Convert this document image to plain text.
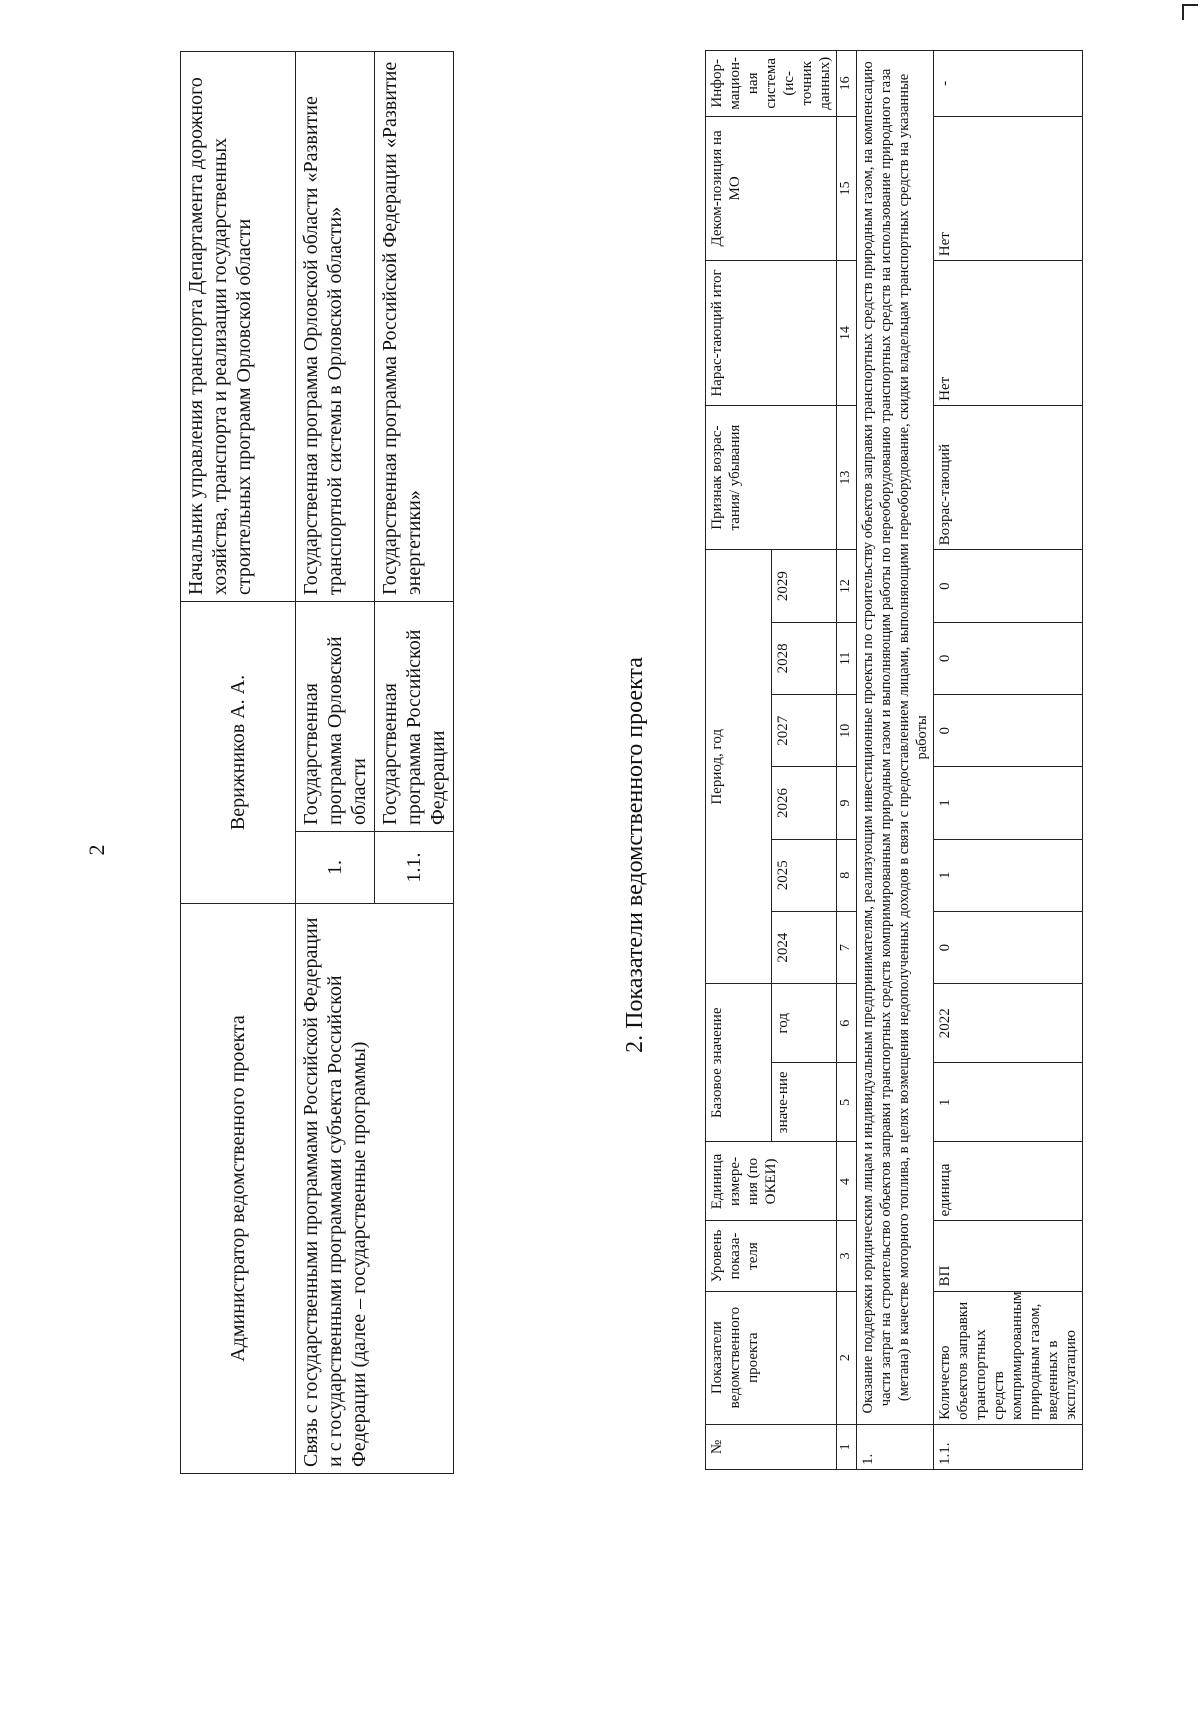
2
Администратор ведомственного проекта	Верижников А. А.		Начальник управления транспорта Департамента дорожного хозяйства, транспорта и реализации государственных строительных программ Орловской области
Связь с государственными программами Российской Федерации и с государственными программами субъекта Российской Федерации (далее – государственные программы)	1.	Государственная программа Орловской области	Государственная программа Орловской области «Развитие транспортной системы в Орловской области»
	1.1.	Государственная программа Российской Федерации	Государственная программа Российской Федерации «Развитие энергетики»
2. Показатели ведомственного проекта
№	Показатели ведомственного проекта	Уровень показа-теля	Единица измере-ния (по ОКЕИ)	Базовое значение		Период, год						Признак возрас-тания/ убывания	Нарас-тающий итог	Деком-позиция на МО	Инфор-мацион-ная система (ис-точник данных)
				значе-ние	год	2024	2025	2026	2027	2028	2029				
1	2	3	4	5	6	7	8	9	10	11	12	13	14	15	16
1.	Оказание поддержки юридическим лицам и индивидуальным предпринимателям, реализующим инвестиционные проекты по строительству объектов заправки транспортных средств природным газом, на компенсацию части затрат на строительство объектов заправки транспортных средств компримированным природным газом и выполняющим работы по переоборудованию транспортных средств на использование природного газа (метана) в качестве моторного топлива, в целях возмещения недополученных доходов в связи с предоставлением лицами, выполняющими переоборудование, скидки владельцам транспортных средств на указанные работы														
1.1.	Количество объектов заправки транспортных средств компримированным природным газом, введенных в эксплуатацию	ВП	единица	1	2022	0	1	1	0	0	0	Возрас-тающий	Нет	Нет	-
